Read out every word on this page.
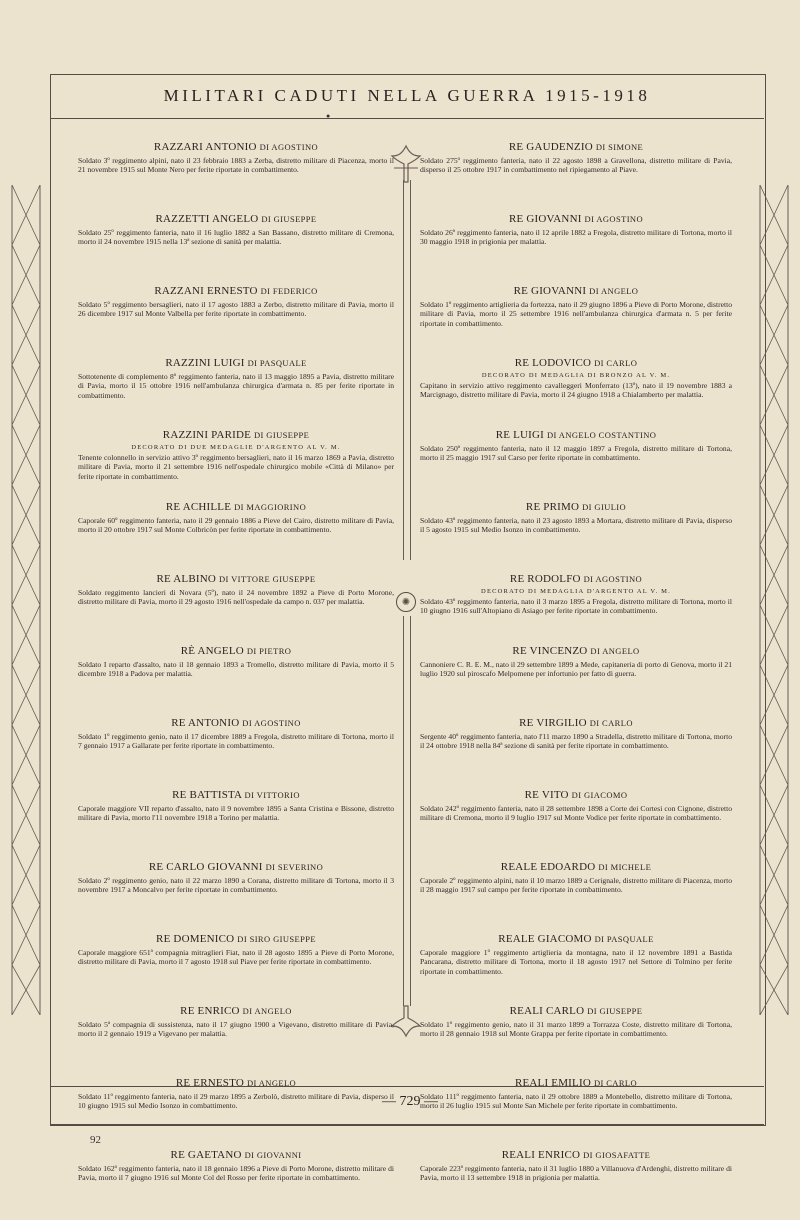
MILITARI CADUTI NELLA GUERRA 1915-1918
●
✺
RAZZARI ANTONIO DI AGOSTINO

Soldato 3º reggimento alpini, nato il 23 febbraio 1883 a Zerba, distretto militare di Piacenza, morto il 21 novembre 1915 sul Monte Nero per ferite riportate in combattimento.

RAZZETTI ANGELO DI GIUSEPPE

Soldato 25º reggimento fanteria, nato il 16 luglio 1882 a San Bassano, distretto militare di Cremona, morto il 24 novembre 1915 nella 13ª sezione di sanità per malattia.

RAZZANI ERNESTO DI FEDERICO

Soldato 5º reggimento bersaglieri, nato il 17 agosto 1883 a Zerbo, distretto militare di Pavia, morto il 26 dicembre 1917 sul Monte Valbella per ferite riportate in combattimento.

RAZZINI LUIGI DI PASQUALE

Sottotenente di complemento 8º reggimento fanteria, nato il 13 maggio 1895 a Pavia, distretto militare di Pavia, morto il 15 ottobre 1916 nell'ambulanza chirurgica d'armata n. 85 per ferite riportate in combattimento.

RAZZINI PARIDE DI GIUSEPPE
DECORATO DI DUE MEDAGLIE D'ARGENTO AL V. M.

Tenente colonnello in servizio attivo 3º reggimento bersaglieri, nato il 16 marzo 1869 a Pavia, distretto militare di Pavia, morto il 21 settembre 1916 nell'ospedale chirurgico mobile «Città di Milano» per ferite riportate in combattimento.

RE ACHILLE DI MAGGIORINO

Caporale 60º reggimento fanteria, nato il 29 gennaio 1886 a Pieve del Cairo, distretto militare di Pavia, morto il 20 ottobre 1917 sul Monte Colbricòn per ferite riportate in combattimento.

RE ALBINO DI VITTORE GIUSEPPE

Soldato reggimento lancieri di Novara (5º), nato il 24 novembre 1892 a Pieve di Porto Morone, distretto militare di Pavia, morto il 29 agosto 1916 nell'ospedale da campo n. 037 per malattia.

RÈ ANGELO DI PIETRO

Soldato I reparto d'assalto, nato il 18 gennaio 1893 a Tromello, distretto militare di Pavia, morto il 5 dicembre 1918 a Padova per malattia.

RE ANTONIO DI AGOSTINO

Soldato 1º reggimento genio, nato il 17 dicembre 1889 a Fregola, distretto militare di Tortona, morto il 7 gennaio 1917 a Gallarate per ferite riportate in combattimento.

RE BATTISTA DI VITTORIO

Caporale maggiore VII reparto d'assalto, nato il 9 novembre 1895 a Santa Cristina e Bissone, distretto militare di Pavia, morto l'11 novembre 1918 a Torino per malattia.

RE CARLO GIOVANNI DI SEVERINO

Soldato 2º reggimento genio, nato il 22 marzo 1890 a Corana, distretto militare di Tortona, morto il 3 novembre 1917 a Moncalvo per ferite riportate in combattimento.

RE DOMENICO DI SIRO GIUSEPPE

Caporale maggiore 651ª compagnia mitraglieri Fiat, nato il 28 agosto 1895 a Pieve di Porto Morone, distretto militare di Pavia, morto il 7 agosto 1918 sul Piave per ferite riportate in combattimento.

RE ENRICO DI ANGELO

Soldato 5ª compagnia di sussistenza, nato il 17 giugno 1900 a Vigevano, distretto militare di Pavia, morto il 2 gennaio 1919 a Vigevano per malattia.

RE ERNESTO DI ANGELO

Soldato 11º reggimento fanteria, nato il 29 marzo 1895 a Zerbolò, distretto militare di Pavia, disperso il 10 giugno 1915 sul Medio Isonzo in combattimento.

RE GAETANO DI GIOVANNI

Soldato 162º reggimento fanteria, nato il 18 gennaio 1896 a Pieve di Porto Morone, distretto militare di Pavia, morto il 7 giugno 1916 sul Monte Col del Rosso per ferite riportate in combattimento.

RE GAUDENZIO DI SIMONE

Soldato 275º reggimento fanteria, nato il 22 agosto 1898 a Gravellona, distretto militare di Pavia, disperso il 25 ottobre 1917 in combattimento nel ripiegamento al Piave.

RE GIOVANNI DI AGOSTINO

Soldato 26º reggimento fanteria, nato il 12 aprile 1882 a Fregola, distretto militare di Tortona, morto il 30 maggio 1918 in prigionia per malattia.

RE GIOVANNI DI ANGELO

Soldato 1º reggimento artiglieria da fortezza, nato il 29 giugno 1896 a Pieve di Porto Morone, distretto militare di Pavia, morto il 25 settembre 1916 nell'ambulanza chirurgica d'armata n. 5 per ferite riportate in combattimento.

RE LODOVICO DI CARLO
DECORATO DI MEDAGLIA DI BRONZO AL V. M.

Capitano in servizio attivo reggimento cavalleggeri Monferrato (13º), nato il 19 novembre 1883 a Marcignago, distretto militare di Pavia, morto il 24 giugno 1918 a Chialamberto per malattia.

RE LUIGI DI ANGELO COSTANTINO

Soldato 250º reggimento fanteria, nato il 12 maggio 1897 a Fregola, distretto militare di Tortona, morto il 25 maggio 1917 sul Carso per ferite riportate in combattimento.

RE PRIMO DI GIULIO

Soldato 43º reggimento fanteria, nato il 23 agosto 1893 a Mortara, distretto militare di Pavia, disperso il 5 agosto 1915 sul Medio Isonzo in combattimento.

RE RODOLFO DI AGOSTINO
DECORATO DI MEDAGLIA D'ARGENTO AL V. M.

Soldato 43º reggimento fanteria, nato il 3 marzo 1895 a Fregola, distretto militare di Tortona, morto il 10 giugno 1916 sull'Altopiano di Asiago per ferite riportate in combattimento.

RE VINCENZO DI ANGELO

Cannoniere C. R. E. M., nato il 29 settembre 1899 a Mede, capitaneria di porto di Genova, morto il 21 luglio 1920 sul piroscafo Melpomene per infortunio per fatto di guerra.

RE VIRGILIO DI CARLO

Sergente 40º reggimento fanteria, nato l'11 marzo 1890 a Stradella, distretto militare di Tortona, morto il 24 ottobre 1918 nella 84ª sezione di sanità per ferite riportate in combattimento.

RE VITO DI GIACOMO

Soldato 242º reggimento fanteria, nato il 28 settembre 1898 a Corte dei Cortesi con Cignone, distretto militare di Cremona, morto il 9 luglio 1917 sul Monte Vodice per ferite riportate in combattimento.

REALE EDOARDO DI MICHELE

Caporale 2º reggimento alpini, nato il 10 marzo 1889 a Cerignale, distretto militare di Piacenza, morto il 28 maggio 1917 sul campo per ferite riportate in combattimento.

REALE GIACOMO DI PASQUALE

Caporale maggiore 1º reggimento artiglieria da montagna, nato il 12 novembre 1891 a Bastida Pancarana, distretto militare di Tortona, morto il 18 agosto 1917 nel Settore di Tolmino per ferite riportate in combattimento.

REALI CARLO DI GIUSEPPE

Soldato 1º reggimento genio, nato il 31 marzo 1899 a Torrazza Coste, distretto militare di Tortona, morto il 28 gennaio 1918 sul Monte Grappa per ferite riportate in combattimento.

REALI EMILIO DI CARLO

Soldato 111º reggimento fanteria, nato il 29 ottobre 1889 a Montebello, distretto militare di Tortona, morto il 26 luglio 1915 sul Monte San Michele per ferite riportate in combattimento.

REALI ENRICO DI GIOSAFATTE

Caporale 223º reggimento fanteria, nato il 31 luglio 1880 a Villanuova d'Ardenghi, distretto militare di Pavia, morto il 13 settembre 1918 in prigionia per malattia.

— 729 —
92
